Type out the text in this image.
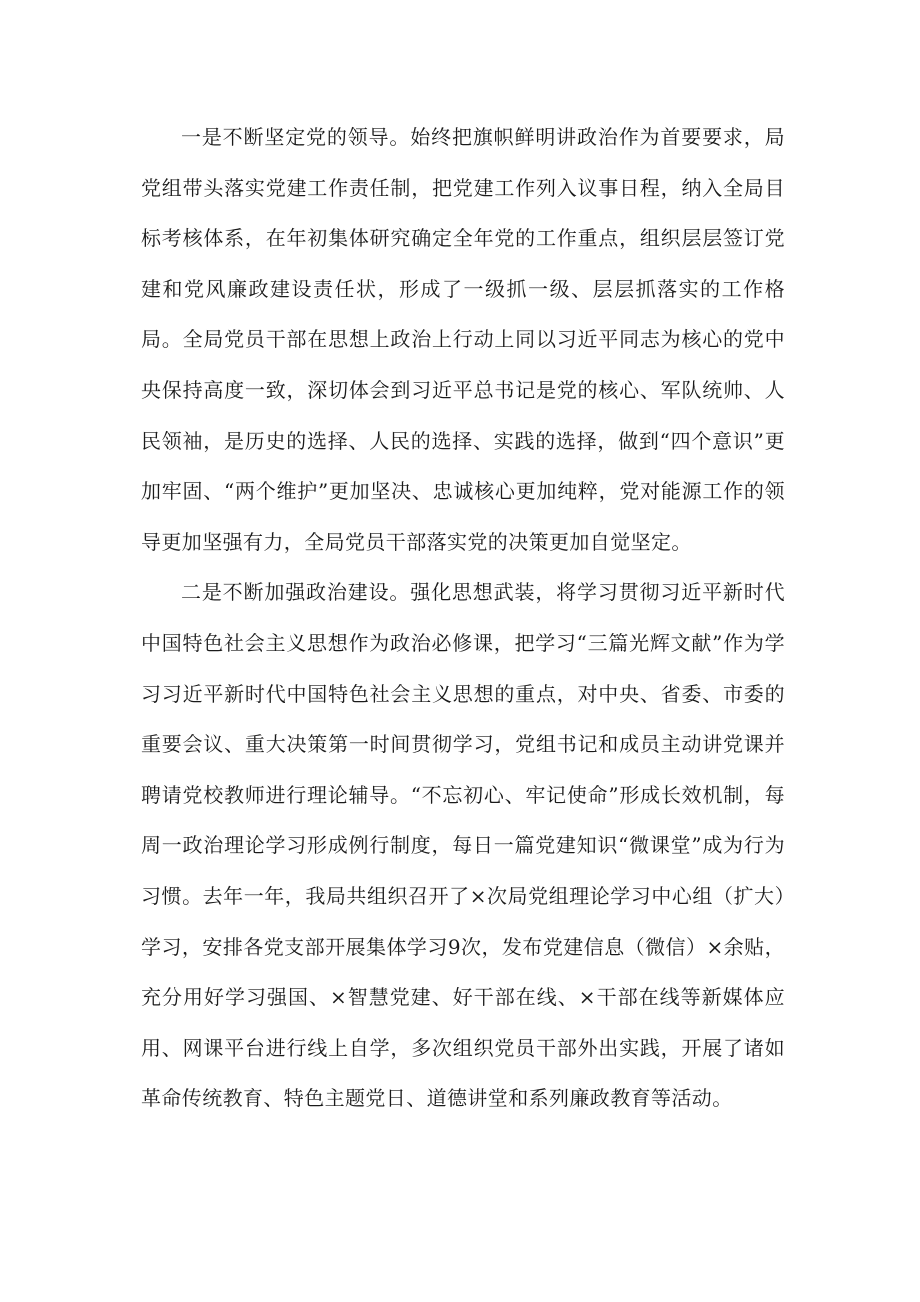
一是不断坚定党的领导。始终把旗帜鲜明讲政治作为首要要求，局党组带头落实党建工作责任制，把党建工作列入议事日程，纳入全局目标考核体系，在年初集体研究确定全年党的工作重点，组织层层签订党建和党风廉政建设责任状，形成了一级抓一级、层层抓落实的工作格局。全局党员干部在思想上政治上行动上同以习近平同志为核心的党中央保持高度一致，深切体会到习近平总书记是党的核心、军队统帅、人民领袖，是历史的选择、人民的选择、实践的选择，做到“四个意识”更加牢固、“两个维护”更加坚决、忠诚核心更加纯粹，党对能源工作的领导更加坚强有力，全局党员干部落实党的决策更加自觉坚定。

二是不断加强政治建设。强化思想武装，将学习贯彻习近平新时代中国特色社会主义思想作为政治必修课，把学习“三篇光辉文献”作为学习习近平新时代中国特色社会主义思想的重点，对中央、省委、市委的重要会议、重大决策第一时间贯彻学习，党组书记和成员主动讲党课并聘请党校教师进行理论辅导。“不忘初心、牢记使命”形成长效机制，每周一政治理论学习形成例行制度，每日一篇党建知识“微课堂”成为行为习惯。去年一年，我局共组织召开了×次局党组理论学习中心组（扩大）学习，安排各党支部开展集体学习9次，发布党建信息（微信）×余贴，充分用好学习强国、×智慧党建、好干部在线、×干部在线等新媒体应用、网课平台进行线上自学，多次组织党员干部外出实践，开展了诸如革命传统教育、特色主题党日、道德讲堂和系列廉政教育等活动。
